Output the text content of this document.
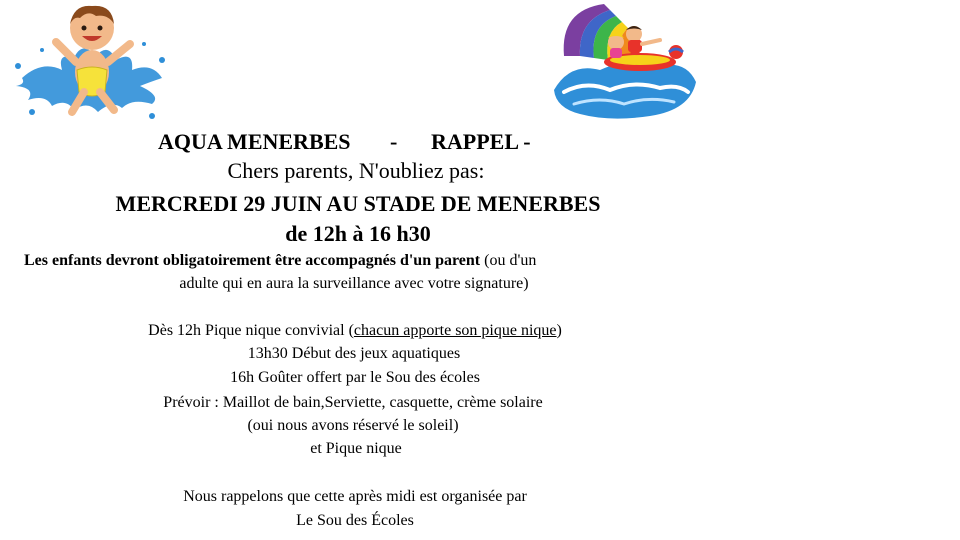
AQUA MENERBES - RAPPEL -
Chers parents, N'oubliez pas:
MERCREDI 29 JUIN AU STADE DE MENERBES
de 12h à 16 h30
Les enfants devront obligatoirement être accompagnés d'un parent (ou d'un
adulte qui en aura la surveillance avec votre signature)
Dès 12h Pique nique convivial (chacun apporte son pique nique)
13h30 Début des jeux aquatiques
16h Goûter offert par le Sou des écoles
Prévoir : Maillot de bain,Serviette, casquette, crème solaire
(oui nous avons réservé le soleil)
et Pique nique
Nous rappelons que cette après midi est organisée par
Le Sou des Écoles
